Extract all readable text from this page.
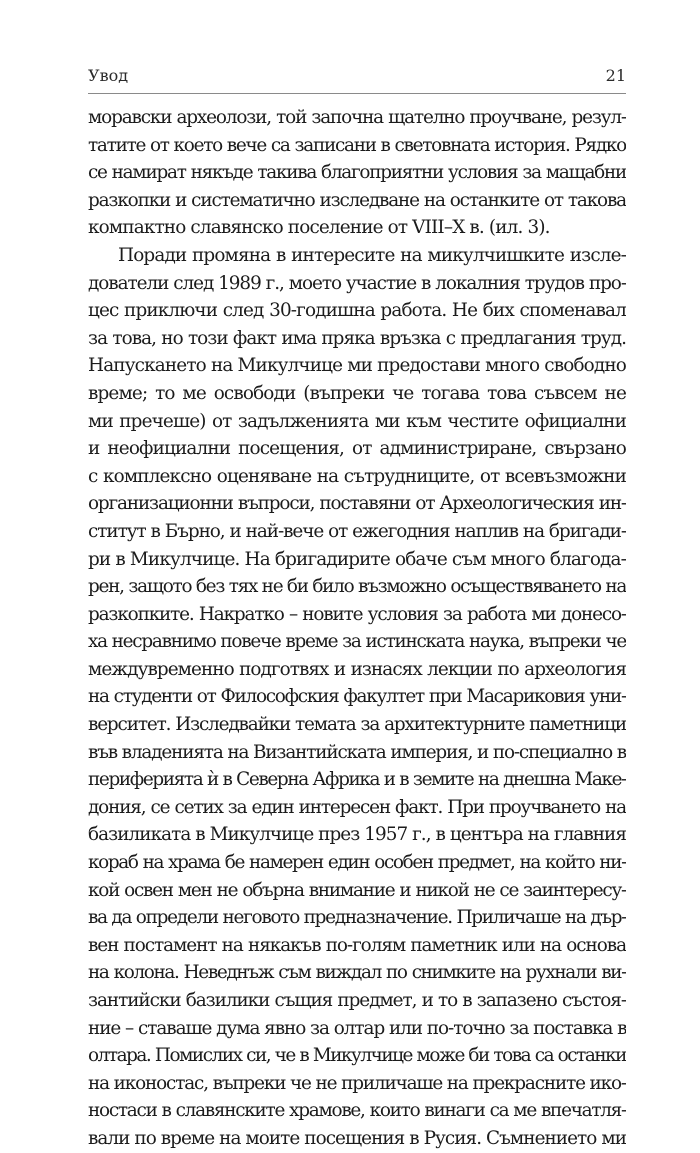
Увод	21
моравски археолози, той започна щателно проучване, резул-
татите от което вече са записани в световната история. Рядко
се намират някъде такива благоприятни условия за мащабни
разкопки и систематично изследване на останките от такова
компактно славянско поселение от VIII–X в. (ил. 3).
Поради промяна в интересите на микулчишките изсле-
дователи след 1989 г., моето участие в локалния трудов про-
цес приключи след 30-годишна работа. Не бих споменавал
за това, но този факт има пряка връзка с предлагания труд.
Напускането на Микулчице ми предостави много свободно
време; то ме освободи (въпреки че тогава това съвсем не
ми пречеше) от задълженията ми към честите официални
и неофициални посещения, от администриране, свързано
с комплексно оценяване на сътрудниците, от всевъзможни
организационни въпроси, поставяни от Археологическия ин-
ститут в Бърно, и най-вече от ежегодния наплив на бригади-
ри в Микулчице. На бригадирите обаче съм много благода-
рен, защото без тях не би било възможно осъществяването на
разкопките. Накратко – новите условия за работа ми донесо-
ха несравнимо повече време за истинската наука, въпреки че
междувременно подготвях и изнасях лекции по археология
на студенти от Философския факултет при Масариковия уни-
верситет. Изследвайки темата за архитектурните паметници
във владенията на Византийската империя, и по-специално в
периферията ѝ в Северна Африка и в земите на днешна Маке-
дония, се сетих за един интересен факт. При проучването на
базиликата в Микулчице през 1957 г., в центъра на главния
кораб на храма бе намерен един особен предмет, на който ни-
кой освен мен не обърна внимание и никой не се заинтересу-
ва да определи неговото предназначение. Приличаше на дър-
вен постамент на някакъв по-голям паметник или на основа
на колона. Неведнъж съм виждал по снимките на рухнали ви-
зантийски базилики същия предмет, и то в запазено състоя-
ние – ставаше дума явно за олтар или по-точно за поставка в
олтара. Помислих си, че в Микулчице може би това са останки
на иконостас, въпреки че не приличаше на прекрасните ико-
ностаси в славянските храмове, които винаги са ме впечатля-
вали по време на моите посещения в Русия. Съмнението ми
